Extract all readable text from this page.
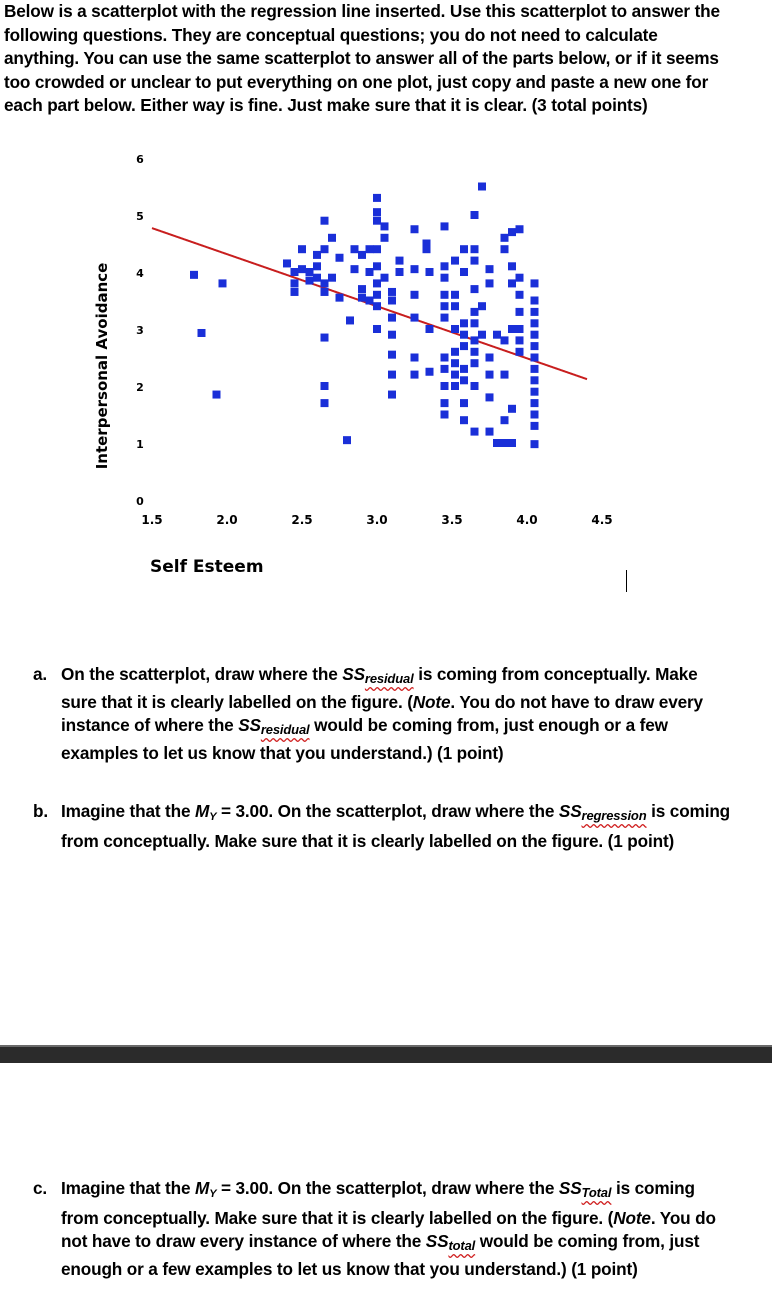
Below is a scatterplot with the regression line inserted. Use this scatterplot to answer the
following questions. They are conceptual questions; you do not need to calculate
anything. You can use the same scatterplot to answer all of the parts below, or if it seems
too crowded or unclear to put everything on one plot, just copy and paste a new one for
each part below. Either way is fine. Just make sure that it is clear. (3 total points)
Interpersonal Avoidance
6
5
4
3
2
1
0
1.5	2.0	2.5	3.0	3.5	4.0	4.5
Self Esteem
a. On the scatterplot, draw where the $SS_{residual}$ is coming from conceptually. Make
sure that it is clearly labelled on the figure. (Note. You do not have to draw every
instance of where the $SS_{residual}$ would be coming from, just enough or a few
examples to let us know that you understand.) (1 point)
b. Imagine that the MY = 3.00. On the scatterplot, draw where the $SS_{regression}$ is coming
from conceptually. Make sure that it is clearly labelled on the figure. (1 point)
c. Imagine that the MY = 3.00. On the scatterplot, draw where the $SS_{Total}$ is coming
from conceptually. Make sure that it is clearly labelled on the figure. (Note. You do
not have to draw every instance of where the $SS_{total}$ would be coming from, just
enough or a few examples to let us know that you understand.) (1 point)
